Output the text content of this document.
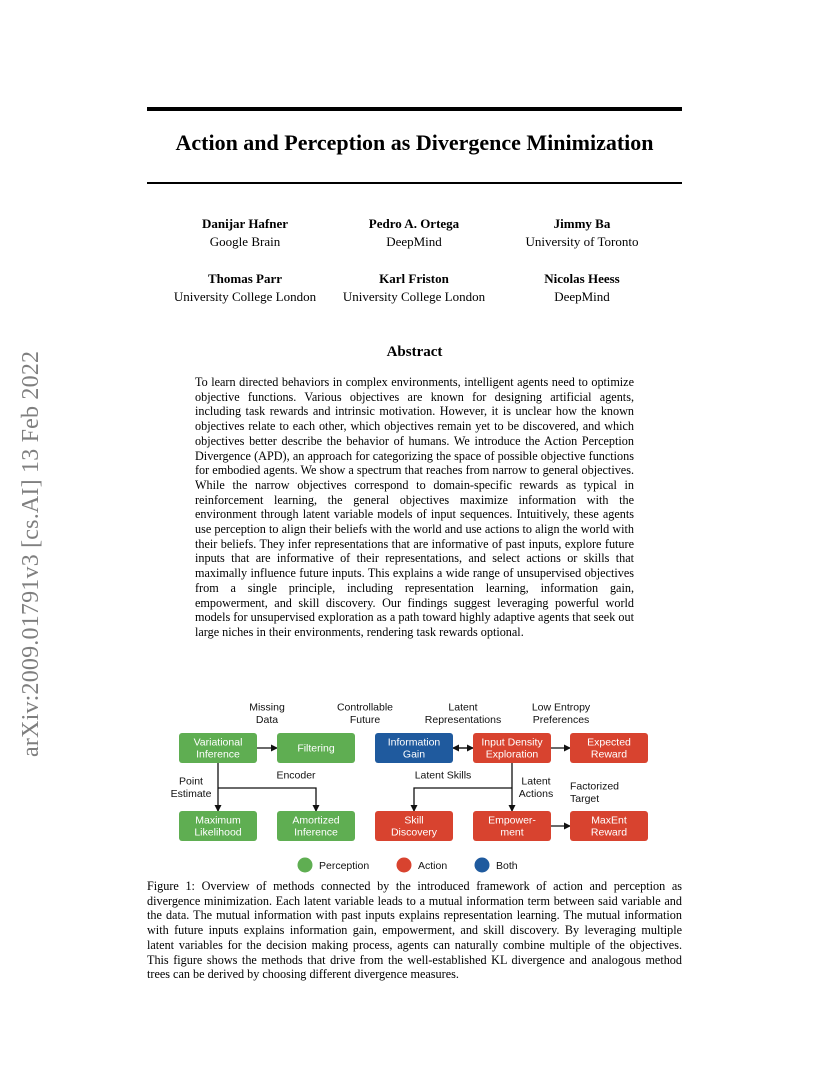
arXiv:2009.01791v3 [cs.AI] 13 Feb 2022
Action and Perception as Divergence Minimization
Danijar Hafner
Google Brain
Pedro A. Ortega
DeepMind
Jimmy Ba
University of Toronto
Thomas Parr
University College London
Karl Friston
University College London
Nicolas Heess
DeepMind
Abstract

To learn directed behaviors in complex environments, intelligent agents need to optimize objective functions. Various objectives are known for designing artificial agents, including task rewards and intrinsic motivation. However, it is unclear how the known objectives relate to each other, which objectives remain yet to be discovered, and which objectives better describe the behavior of humans. We introduce the Action Perception Divergence (APD), an approach for categorizing the space of possible objective functions for embodied agents. We show a spectrum that reaches from narrow to general objectives. While the narrow objectives correspond to domain-specific rewards as typical in reinforcement learning, the general objectives maximize information with the environment through latent variable models of input sequences. Intuitively, these agents use perception to align their beliefs with the world and use actions to align the world with their beliefs. They infer representations that are informative of past inputs, explore future inputs that are informative of their representations, and select actions or skills that maximally influence future inputs. This explains a wide range of unsupervised objectives from a single principle, including representation learning, information gain, empowerment, and skill discovery. Our findings suggest leveraging powerful world models for unsupervised exploration as a path toward highly adaptive agents that seek out large niches in their environments, rendering task rewards optional.

Variational Inference	Filtering	Information Gain
Input Density Exploration
Expected Reward
Maximum Likelihood
Amortized Inference
Skill Discovery
Empower-ment
MaxEnt Reward
Missing Data
Controllable Future
Latent Representations
Low Entropy Preferences
Point Estimate
Encoder	Latent Skills	Latent Actions
Factorized Target
Perception	Action	Both

Figure 1: Overview of methods connected by the introduced framework of action and perception as divergence minimization. Each latent variable leads to a mutual information term between said variable and the data. The mutual information with past inputs explains representation learning. The mutual information with future inputs explains information gain, empowerment, and skill discovery. By leveraging multiple latent variables for the decision making process, agents can naturally combine multiple of the objectives. This figure shows the methods that drive from the well-established KL divergence and analogous method trees can be derived by choosing different divergence measures.
